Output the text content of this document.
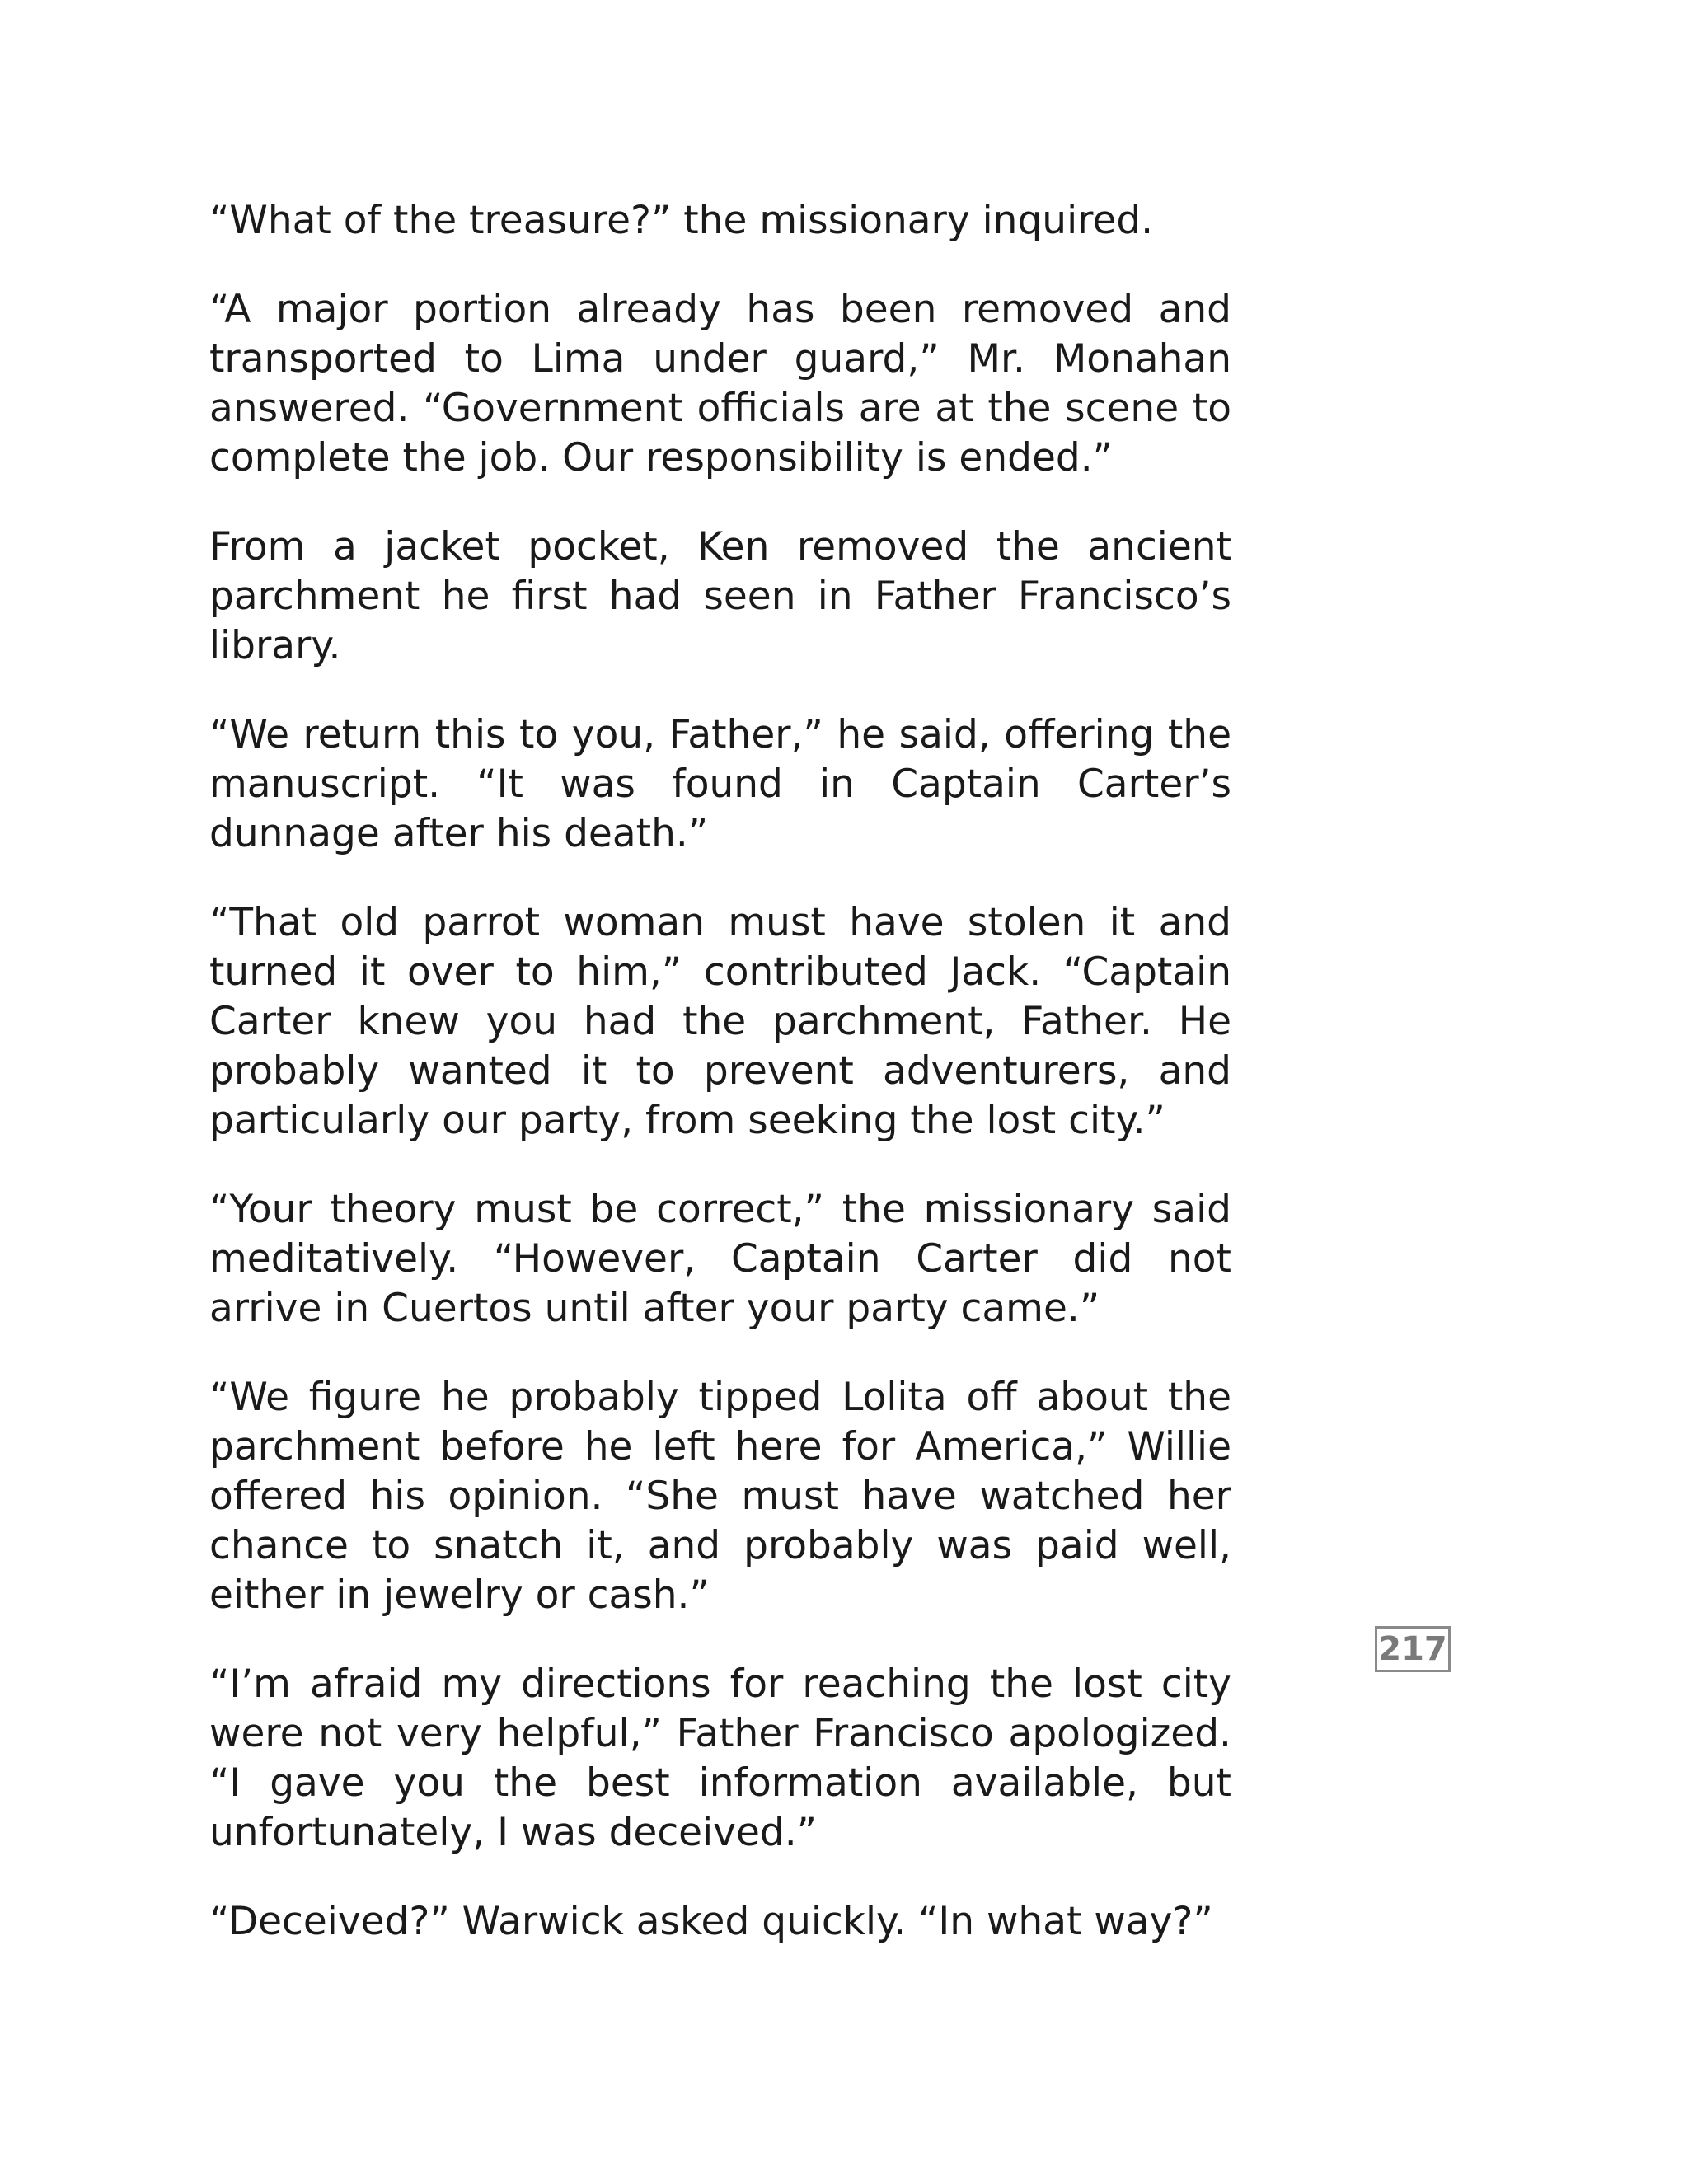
“What of the treasure?” the missionary inquired.

“A major portion already has been removed and transported to Lima under guard,” Mr. Monahan answered. “Government officials are at the scene to complete the job. Our responsibility is ended.”

From a jacket pocket, Ken removed the ancient parchment he first had seen in Father Francisco’s library.

“We return this to you, Father,” he said, offering the manuscript. “It was found in Captain Carter’s dunnage after his death.”

“That old parrot woman must have stolen it and turned it over to him,” contributed Jack. “Captain Carter knew you had the parchment, Father. He probably wanted it to prevent adventurers, and particularly our party, from seeking the lost city.”

“Your theory must be correct,” the missionary said meditatively. “However, Captain Carter did not arrive in Cuertos until after your party came.”

“We figure he probably tipped Lolita off about the parchment before he left here for America,” Willie offered his opinion. “She must have watched her chance to snatch it, and probably was paid well, either in jewelry or cash.”

“I’m afraid my directions for reaching the lost city were not very helpful,” Father Francisco apologized. “I gave you the best information available, but unfortunately, I was deceived.”

“Deceived?” Warwick asked quickly. “In what way?”

217
